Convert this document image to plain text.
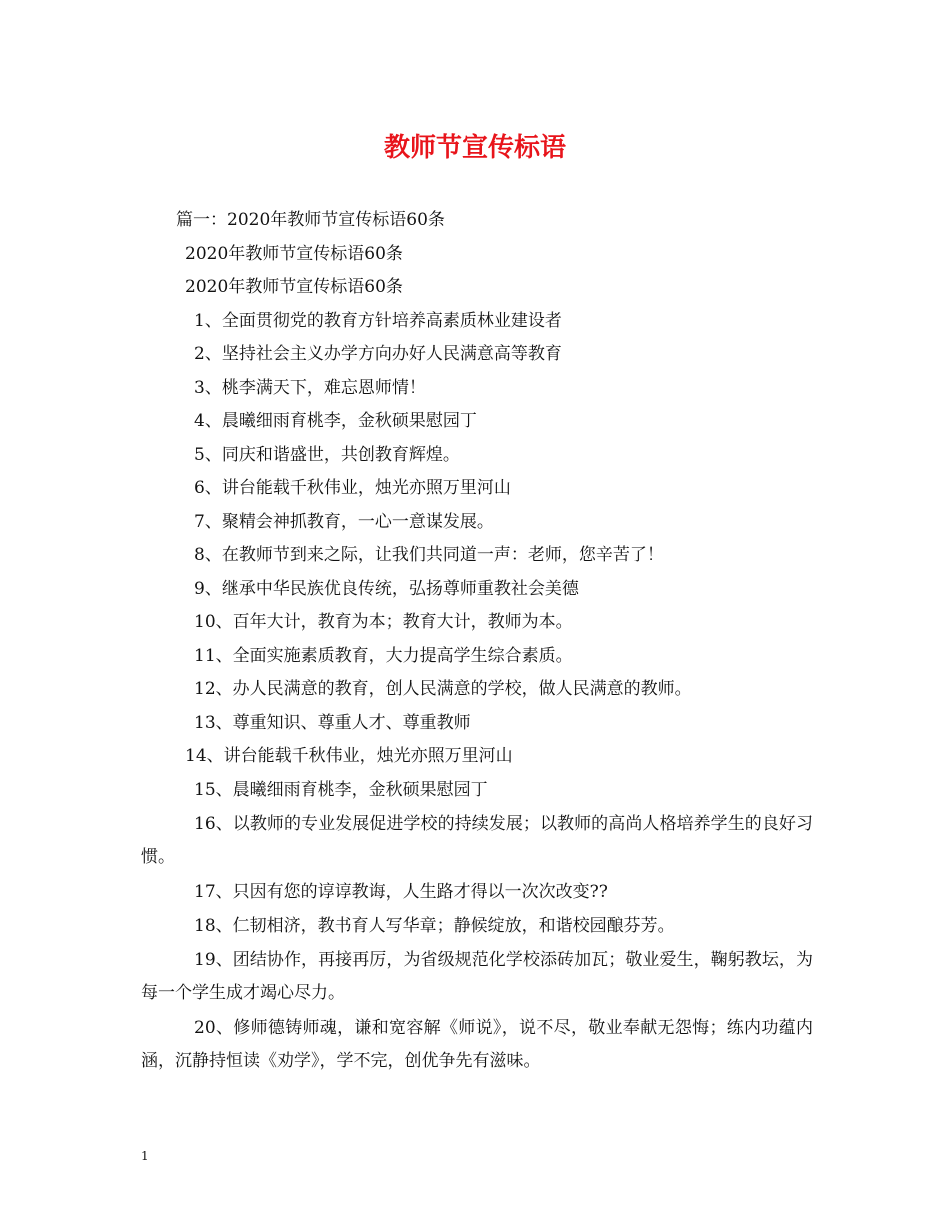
教师节宣传标语
篇一：2020年教师节宣传标语60条
2020年教师节宣传标语60条
2020年教师节宣传标语60条
1、全面贯彻党的教育方针培养高素质林业建设者
2、坚持社会主义办学方向办好人民满意高等教育
3、桃李满天下，难忘恩师情！
4、晨曦细雨育桃李，金秋硕果慰园丁
5、同庆和谐盛世，共创教育辉煌。
6、讲台能载千秋伟业，烛光亦照万里河山
7、聚精会神抓教育，一心一意谋发展。
8、在教师节到来之际，让我们共同道一声：老师，您辛苦了！
9、继承中华民族优良传统，弘扬尊师重教社会美德
10、百年大计，教育为本；教育大计，教师为本。
11、全面实施素质教育，大力提高学生综合素质。
12、办人民满意的教育，创人民满意的学校，做人民满意的教师。
13、尊重知识、尊重人才、尊重教师
14、讲台能载千秋伟业，烛光亦照万里河山
15、晨曦细雨育桃李，金秋硕果慰园丁
16、以教师的专业发展促进学校的持续发展；以教师的高尚人格培养学生的良好习惯。
17、只因有您的谆谆教诲，人生路才得以一次次改变??
18、仁韧相济，教书育人写华章；静候绽放，和谐校园酿芬芳。
19、团结协作，再接再厉，为省级规范化学校添砖加瓦；敬业爱生，鞠躬教坛，为每一个学生成才竭心尽力。
20、修师德铸师魂，谦和宽容解《师说》，说不尽，敬业奉献无怨悔；练内功蕴内涵，沉静持恒读《劝学》，学不完，创优争先有滋味。
1
